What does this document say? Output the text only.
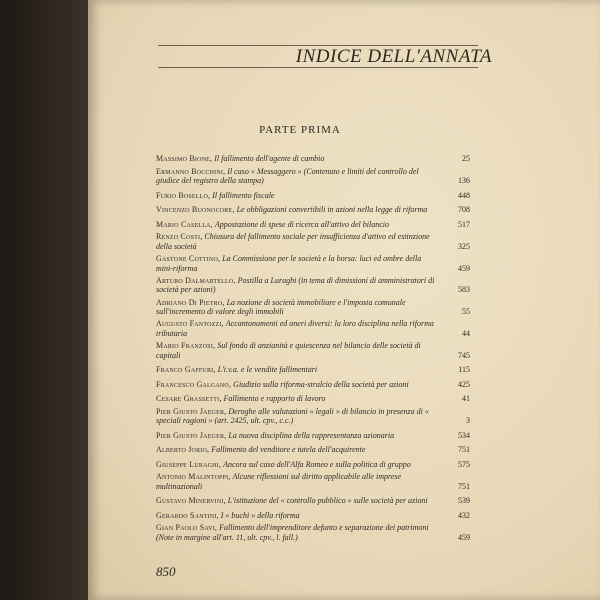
INDICE DELL'ANNATA
PARTE PRIMA
Massimo Bione, Il fallimento dell'agente di cambio	25
Ermanno Bocchini, Il caso « Messaggero » (Contenuto e limiti del controllo del giudice del registro della stampa)	136
Furio Bosello, Il fallimento fiscale	448
Vincenzo Buonocore, Le obbligazioni convertibili in azioni nella legge di riforma	708
Mario Casella, Appostazione di spese di ricerca all'attivo del bilancio	517
Renzo Costi, Chiusura del fallimento sociale per insufficienza d'attivo ed estinzione della società	325
Gastone Cottino, La Commissione per le società e la borsa: luci ed ombre della mini-riforma	459
Arturo Dalmartello, Postilla a Luraghi (in tema di dimissioni di amministratori di società per azioni)	583
Adriano Di Pietro, La nozione di società immobiliare e l'imposta comunale sull'incremento di valore degli immobili	55
Augusto Fantozzi, Accantonamenti ed oneri diversi: la loro disciplina nella riforma tributaria	44
Mario Franzosi, Sul fondo di anzianità e quiescenza nel bilancio delle società di capitali	745
Franco Gaffuri, L'i.v.a. e le vendite fallimentari	115
Francesco Galgano, Giudizio sulla riforma-stralcio della società per azioni	425
Cesare Grassetti, Fallimento e rapporto di lavoro	41
Pier Giusto Jaeger, Deroghe alle valutazioni « legali » di bilancio in presenza di « speciali ragioni » (art. 2425, ult. cpv., c.c.)	3
Pier Giusto Jaeger, La nuova disciplina della rappresentanza azionaria	534
Alberto Jorio, Fallimento del venditore e tutela dell'acquirente	751
Giuseppe Luraghi, Ancora sul caso dell'Alfa Romeo e sulla politica di gruppo	575
Antonio Malintoppi, Alcune riflessioni sul diritto applicabile alle imprese multinazionali	751
Gustavo Minervini, L'istituzione del « controllo pubblico » sulle società per azioni	539
Gerardo Santini, I « buchi » della riforma	432
Gian Paolo Savi, Fallimento dell'imprenditore defunto e separazione dei patrimoni (Note in margine all'art. 11, ult. cpv., l. fall.)	459
850
